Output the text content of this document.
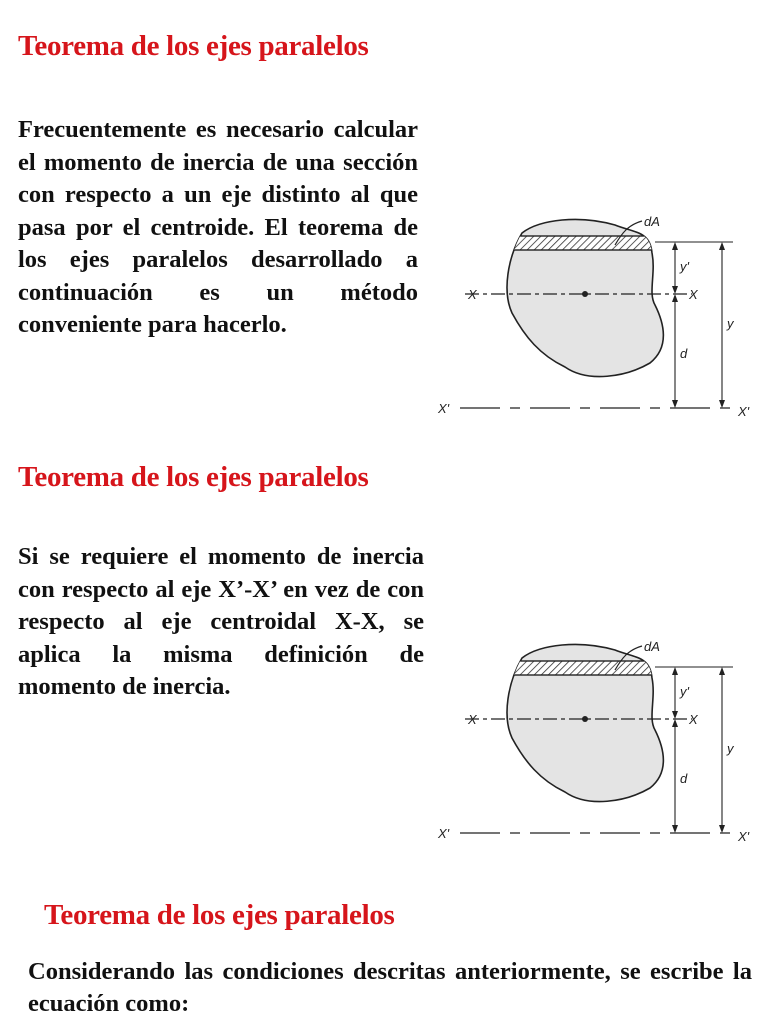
Teorema de los ejes paralelos

Frecuentemente es necesario calcular el momento de inercia de una sección con respecto a un eje distinto al que pasa por el centroide. El teorema de los ejes paralelos desarrollado a continuación es un método conveniente para hacerlo.

dA
X	X
X'	X'
y'
d
y
Teorema de los ejes paralelos

Si se requiere el momento de inercia con respecto al eje X’-X’ en vez de con respecto al eje centroidal X-X, se aplica la misma definición de momento de inercia.

dA
X	X
X'	X'
y'
d
y
Teorema de los ejes paralelos

Considerando las condiciones descritas anteriormente, se escribe la ecuación como:
